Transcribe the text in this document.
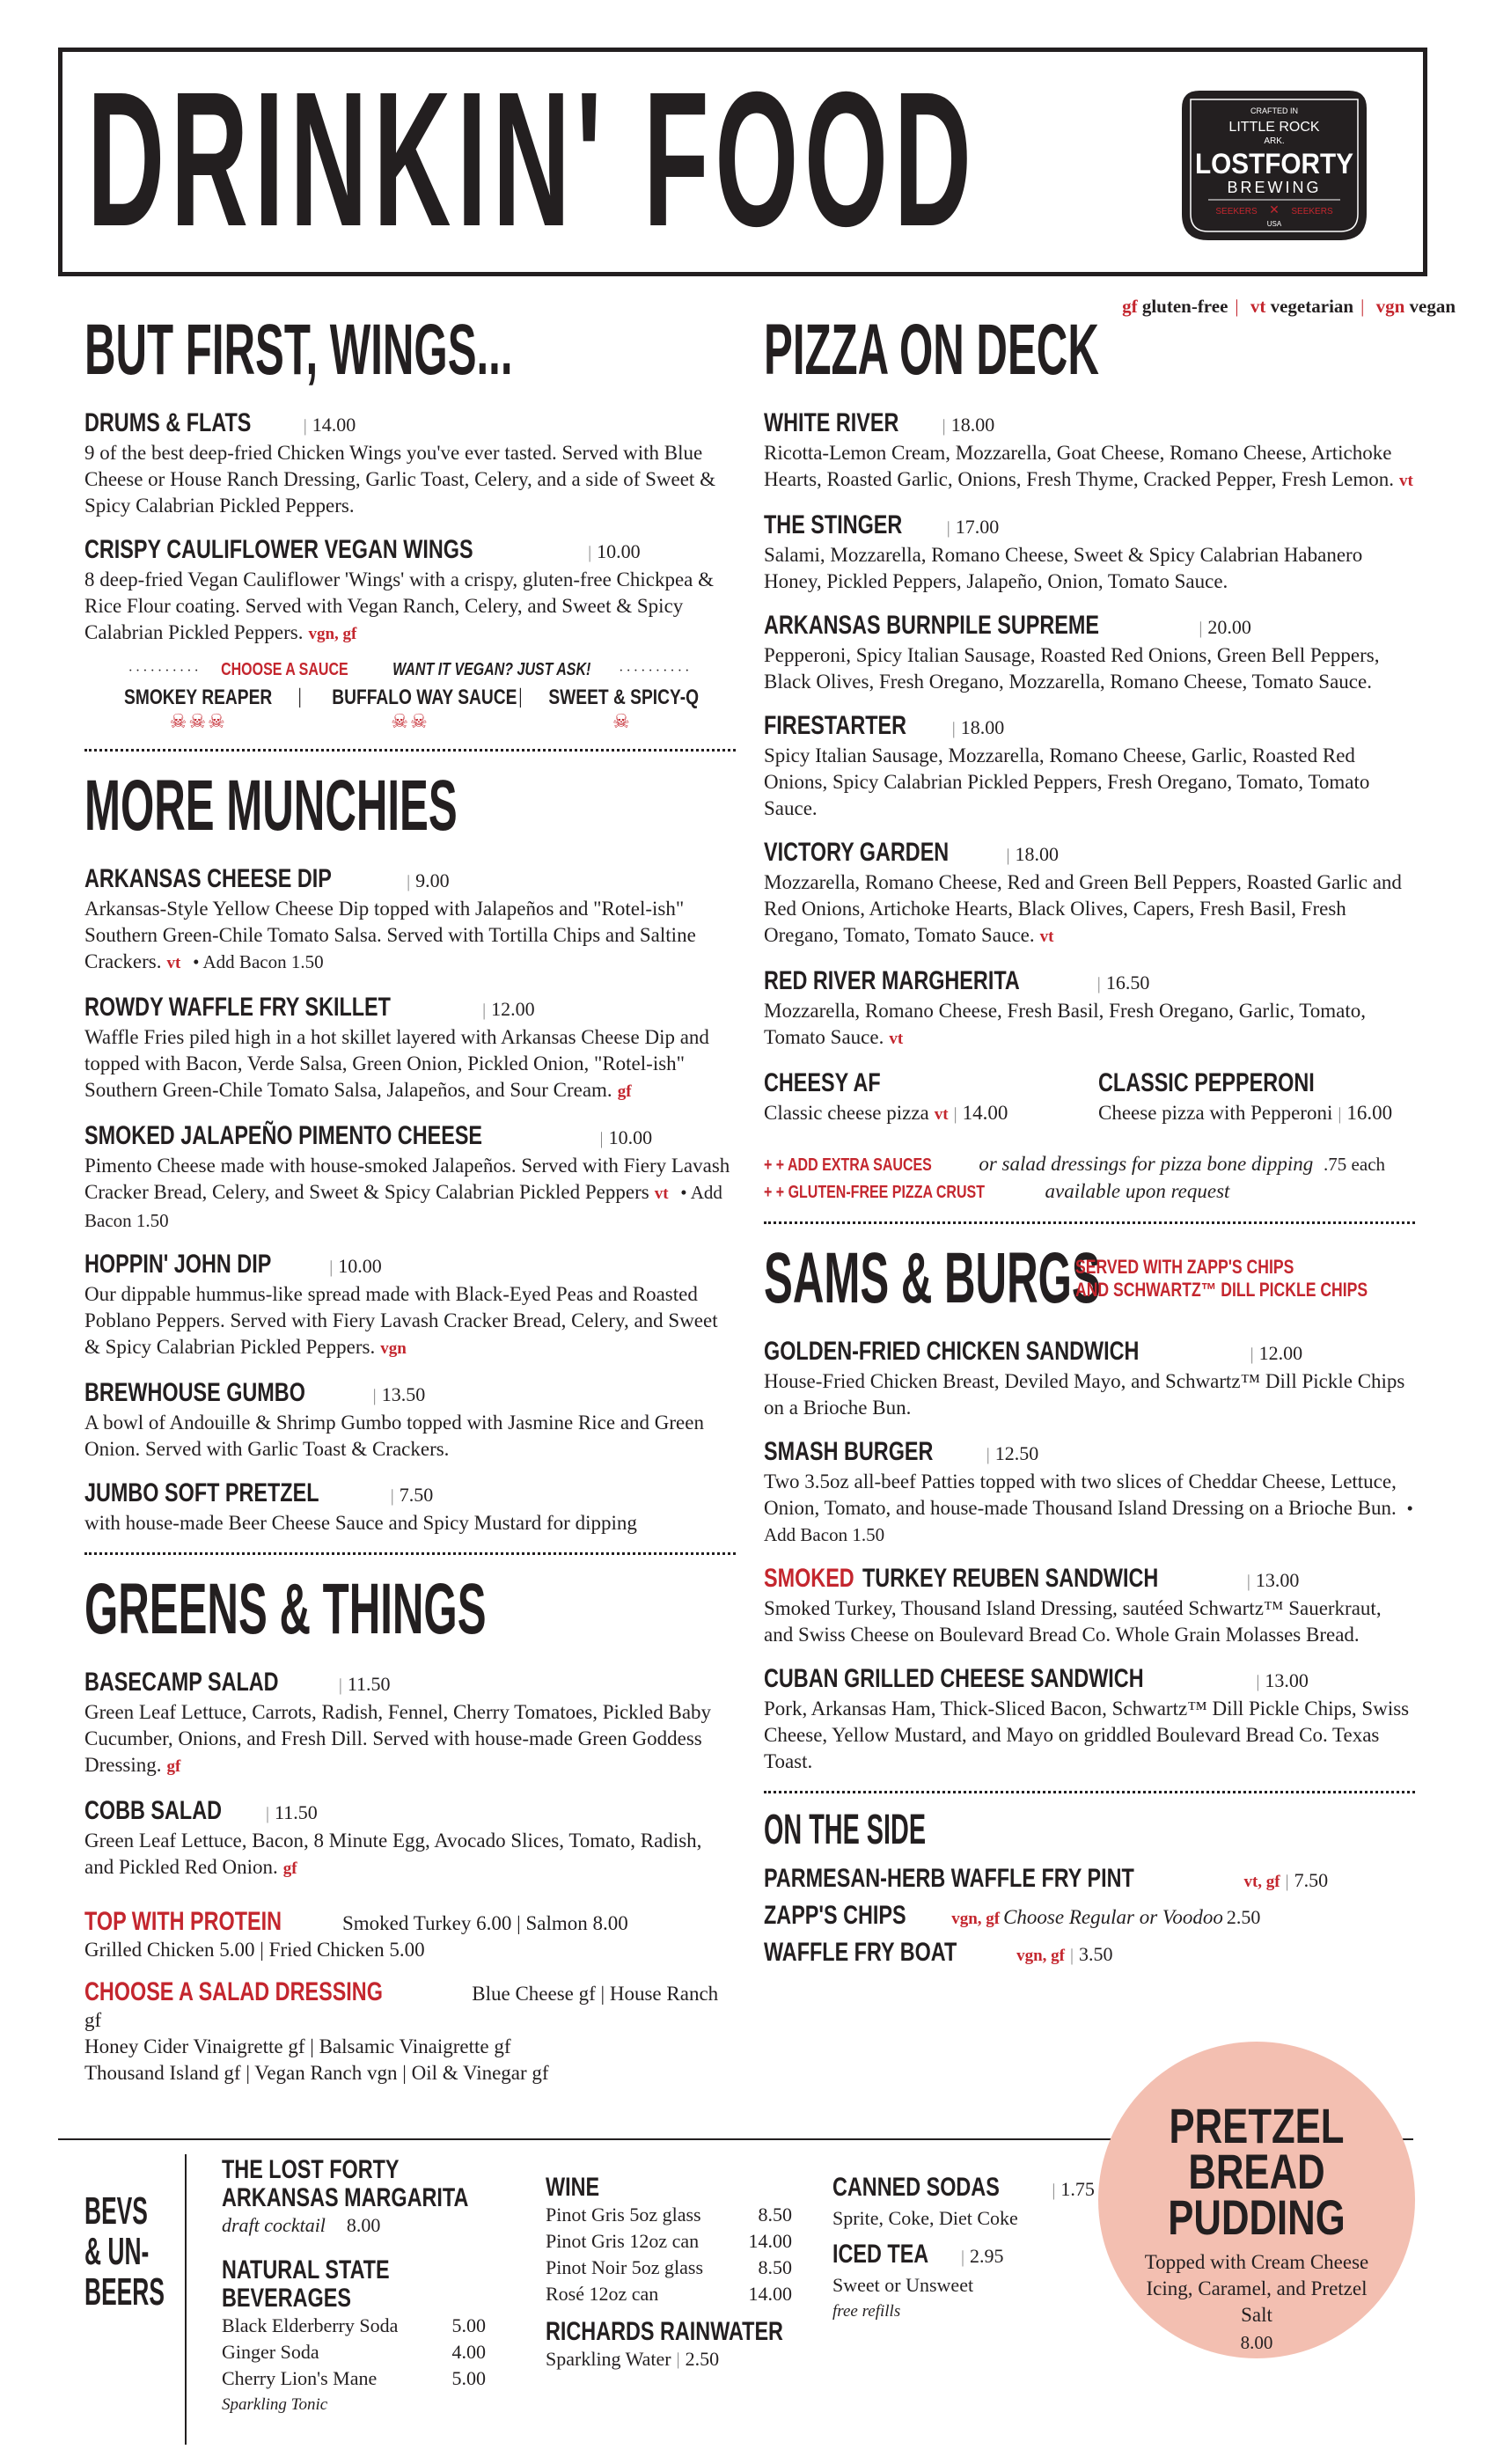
DRINKIN' FOOD	CRAFTED IN
LITTLE ROCK
ARK.
LOSTFORTY
BREWING
SEEKERS	SEEKERS
✕
USA
gf gluten-free | vt vegetarian | vgn vegan
BUT FIRST, WINGS...
DRUMS & FLATS	| 14.00
9 of the best deep-fried Chicken Wings you've ever tasted. Served with Blue Cheese or House Ranch Dressing, Garlic Toast, Celery, and a side of Sweet & Spicy Calabrian Pickled Peppers.
CRISPY CAULIFLOWER VEGAN WINGS	| 10.00
8 deep-fried Vegan Cauliflower 'Wings' with a crispy, gluten-free Chickpea & Rice Flour coating. Served with Vegan Ranch, Celery, and Sweet & Spicy Calabrian Pickled Peppers. vgn, gf
·········· CHOOSE A SAUCE	WANT IT VEGAN? JUST ASK! ··········
SMOKEY REAPER
☠☠☠
|	BUFFALO WAY SAUCE
☠☠
|	SWEET & SPICY-Q
☠
MORE MUNCHIES
ARKANSAS CHEESE DIP	| 9.00
Arkansas-Style Yellow Cheese Dip topped with Jalapeños and "Rotel-ish" Southern Green-Chile Tomato Salsa. Served with Tortilla Chips and Saltine Crackers. vt • Add Bacon 1.50
ROWDY WAFFLE FRY SKILLET	| 12.00
Waffle Fries piled high in a hot skillet layered with Arkansas Cheese Dip and topped with Bacon, Verde Salsa, Green Onion, Pickled Onion, "Rotel-ish" Southern Green-Chile Tomato Salsa, Jalapeños, and Sour Cream. gf
SMOKED JALAPEÑO PIMENTO CHEESE	| 10.00
Pimento Cheese made with house-smoked Jalapeños. Served with Fiery Lavash Cracker Bread, Celery, and Sweet & Spicy Calabrian Pickled Peppers vt • Add Bacon 1.50
HOPPIN' JOHN DIP	| 10.00
Our dippable hummus-like spread made with Black-Eyed Peas and Roasted Poblano Peppers. Served with Fiery Lavash Cracker Bread, Celery, and Sweet & Spicy Calabrian Pickled Peppers. vgn
BREWHOUSE GUMBO	| 13.50
A bowl of Andouille & Shrimp Gumbo topped with Jasmine Rice and Green Onion. Served with Garlic Toast & Crackers.
JUMBO SOFT PRETZEL	| 7.50
with house-made Beer Cheese Sauce and Spicy Mustard for dipping
GREENS & THINGS
BASECAMP SALAD	| 11.50
Green Leaf Lettuce, Carrots, Radish, Fennel, Cherry Tomatoes, Pickled Baby Cucumber, Onions, and Fresh Dill. Served with house-made Green Goddess Dressing. gf
COBB SALAD	| 11.50
Green Leaf Lettuce, Bacon, 8 Minute Egg, Avocado Slices, Tomato, Radish, and Pickled Red Onion. gf
TOP WITH PROTEIN	Smoked Turkey 6.00 | Salmon 8.00
Grilled Chicken 5.00 | Fried Chicken 5.00
CHOOSE A SALAD DRESSING	Blue Cheese gf | House Ranch gf
Honey Cider Vinaigrette gf | Balsamic Vinaigrette gf
Thousand Island gf | Vegan Ranch vgn | Oil & Vinegar gf
PIZZA ON DECK
WHITE RIVER | 18.00
Ricotta-Lemon Cream, Mozzarella, Goat Cheese, Romano Cheese, Artichoke Hearts, Roasted Garlic, Onions, Fresh Thyme, Cracked Pepper, Fresh Lemon. vt
THE STINGER	| 17.00
Salami, Mozzarella, Romano Cheese, Sweet & Spicy Calabrian Habanero Honey, Pickled Peppers, Jalapeño, Onion, Tomato Sauce.
ARKANSAS BURNPILE SUPREME	| 20.00
Pepperoni, Spicy Italian Sausage, Roasted Red Onions, Green Bell Peppers, Black Olives, Fresh Oregano, Mozzarella, Romano Cheese, Tomato Sauce.
FIRESTARTER	| 18.00
Spicy Italian Sausage, Mozzarella, Romano Cheese, Garlic, Roasted Red Onions, Spicy Calabrian Pickled Peppers, Fresh Oregano, Tomato, Tomato Sauce.
VICTORY GARDEN	| 18.00
Mozzarella, Romano Cheese, Red and Green Bell Peppers, Roasted Garlic and Red Onions, Artichoke Hearts, Black Olives, Capers, Fresh Basil, Fresh Oregano, Tomato, Tomato Sauce. vt
RED RIVER MARGHERITA	| 16.50
Mozzarella, Romano Cheese, Fresh Basil, Fresh Oregano, Garlic, Tomato, Tomato Sauce. vt
CHEESY AF
Classic cheese pizza vt | 14.00
CLASSIC PEPPERONI
Cheese pizza with Pepperoni | 16.00
+ + ADD EXTRA SAUCES or salad dressings for pizza bone dipping .75 each
+ + GLUTEN-FREE PIZZA CRUST	available upon request
SAMS & BURGS
SERVED WITH ZAPP'S CHIPS
AND SCHWARTZ™ DILL PICKLE CHIPS
GOLDEN-FRIED CHICKEN SANDWICH	| 12.00
House-Fried Chicken Breast, Deviled Mayo, and Schwartz™ Dill Pickle Chips on a Brioche Bun.
SMASH BURGER	| 12.50
Two 3.5oz all-beef Patties topped with two slices of Cheddar Cheese, Lettuce, Onion, Tomato, and house-made Thousand Island Dressing on a Brioche Bun. • Add Bacon 1.50
SMOKED TURKEY REUBEN SANDWICH	| 13.00
Smoked Turkey, Thousand Island Dressing, sautéed Schwartz™ Sauerkraut, and Swiss Cheese on Boulevard Bread Co. Whole Grain Molasses Bread.
CUBAN GRILLED CHEESE SANDWICH	| 13.00
Pork, Arkansas Ham, Thick-Sliced Bacon, Schwartz™ Dill Pickle Chips, Swiss Cheese, Yellow Mustard, and Mayo on griddled Boulevard Bread Co. Texas Toast.
ON THE SIDE
PARMESAN-HERB WAFFLE FRY PINT	vt, gf | 7.50
ZAPP'S CHIPS	vgn, gf Choose Regular or Voodoo 2.50
WAFFLE FRY BOAT	vgn, gf | 3.50
BEVS
& UN-
BEERS
THE LOST FORTY
ARKANSAS MARGARITA
draft cocktail 8.00
NATURAL STATE
BEVERAGES
Black Elderberry Soda	5.00
Ginger Soda	4.00
Cherry Lion's Mane	5.00
Sparkling Tonic
WINE
Pinot Gris 5oz glass	8.50
Pinot Gris 12oz can	14.00
Pinot Noir 5oz glass	8.50
Rosé 12oz can	14.00
RICHARDS RAINWATER
Sparkling Water | 2.50
CANNED SODAS	| 1.75
Sprite, Coke, Diet Coke
ICED TEA | 2.95
Sweet or Unsweet
free refills
PRETZEL
BREAD
PUDDING
Topped with Cream Cheese Icing, Caramel, and Pretzel Salt
8.00
